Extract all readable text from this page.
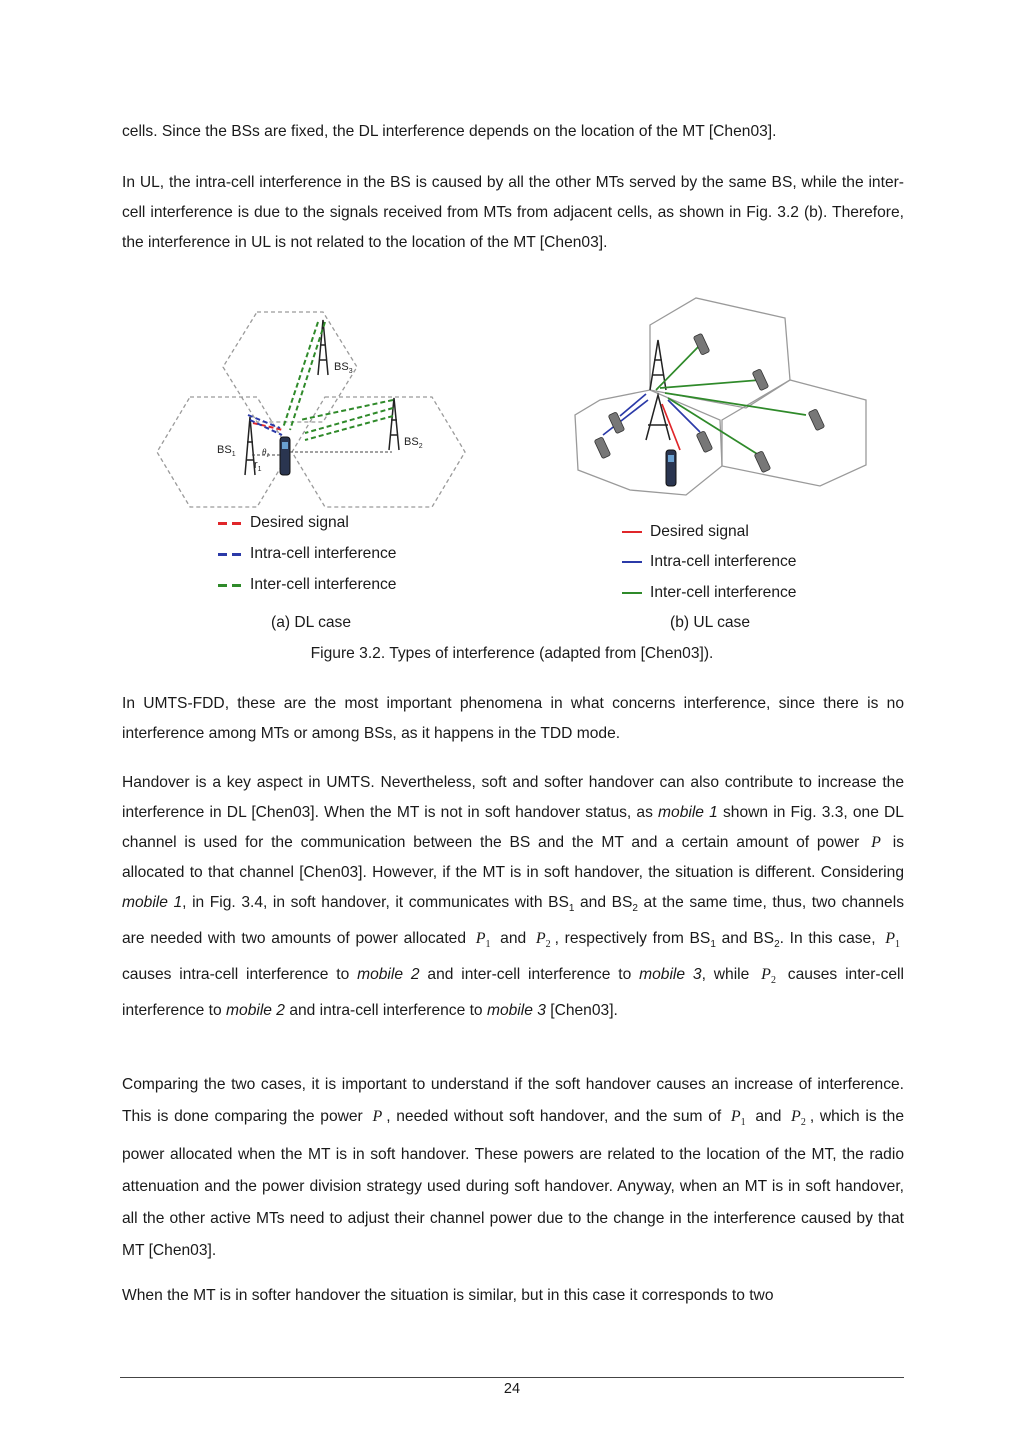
cells. Since the BSs are fixed, the DL interference depends on the location of the MT [Chen03].

In UL, the intra-cell interference in the BS is caused by all the other MTs served by the same BS, while the inter-cell interference is due to the signals received from MTs from adjacent cells, as shown in Fig. 3.2 (b). Therefore, the interference in UL is not related to the location of the MT [Chen03].

$BS_3$
$BS_1$
$BS_2$
$r_1$
$\theta_1$
Desired signal
Intra-cell interference
Inter-cell interference
Desired signal
Intra-cell interference
Inter-cell interference
(a) DL case	(b) UL case
Figure 3.2. Types of interference (adapted from [Chen03]).

In UMTS-FDD, these are the most important phenomena in what concerns interference, since there is no interference among MTs or among BSs, as it happens in the TDD mode.

Handover is a key aspect in UMTS. Nevertheless, soft and softer handover can also contribute to increase the interference in DL [Chen03]. When the MT is not in soft handover status, as mobile 1 shown in Fig. 3.3, one DL channel is used for the communication between the BS and the MT and a certain amount of power P is allocated to that channel [Chen03]. However, if the MT is in soft handover, the situation is different. Considering mobile 1, in Fig. 3.4, in soft handover, it communicates with $BS_1$ and $BS_2$ at the same time, thus, two channels are needed with two amounts of power allocated $P_1$ and $P_2$ , respectively from $BS_1$ and $BS_2$. In this case, $P_1$ causes intra-cell interference to mobile 2 and inter-cell interference to mobile 3, while $P_2$ causes inter-cell interference to mobile 2 and intra-cell interference to mobile 3 [Chen03].

Comparing the two cases, it is important to understand if the soft handover causes an increase of interference. This is done comparing the power P , needed without soft handover, and the sum of $P_1$ and $P_2$ , which is the power allocated when the MT is in soft handover. These powers are related to the location of the MT, the radio attenuation and the power division strategy used during soft handover. Anyway, when an MT is in soft handover, all the other active MTs need to adjust their channel power due to the change in the interference caused by that MT [Chen03].

When the MT is in softer handover the situation is similar, but in this case it corresponds to two

24
